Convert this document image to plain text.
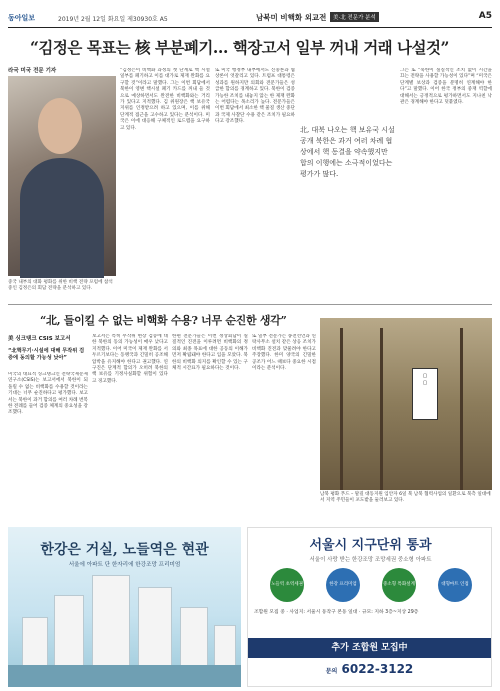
동아일보	2019년 2월 12일 화요일 제30930호 A5	남북미 비핵화 외교전	美·北 전문가 분석	A5
“김정은 목표는 核 부분폐기… 핵장고서 일부 꺼내 거래 나설것”
라국 미국 전문 기자
중국 내부의 대화 평화를 위한 비핵 전략 포럼에 참석 중인 김정은의 회담 전략을 분석하고 있다.
“김정은이 비핵화 과정의 첫 단계로 핵 시설 일부를 폐기하고 이를 대가로 제재 완화를 요구할 것”이라고 말했다. 그는 이번 회담에서 북한이 영변 핵시설 폐기 카드를 꺼내 들 것으로 예상하면서도 완전한 비핵화와는 거리가 있다고 지적했다. 김 위원장은 핵 보유국 지위를 인정받으려 하고 있으며, 이를 위해 단계적 접근을 고수하고 있다는 분석이다. 미국은 이에 대응해 구체적인 로드맵을 요구하고 있다.
또 미국 행정부 내부에서도 신중론과 협상론이 엇갈리고 있다. 트럼프 대통령은 성과를 원하지만 의회와 전문가들은 성급한 합의를 경계하고 있다. 북한이 검증 가능한 조치를 내놓지 않는 한 제재 완화는 어렵다는 목소리가 높다. 전문가들은 이번 회담에서 최소한 핵 물질 생산 중단과 국제 사찰단 수용 같은 조치가 필요하다고 강조했다.
北, 대북 나오는 핵 보유국 시설 공개 북한은 과거 여러 차례 협상에서 핵 동결을 약속했지만 합의 이행에는 소극적이었다는 평가가 많다.
그는 또 “북한이 실질적인 조치 없이 시간을 끄는 전략을 사용할 가능성이 있다”며 “미국은 단계별 보상과 검증을 분명히 연계해야 한다”고 말했다. 이어 한국 정부의 중재 역할에 대해서는 긍정적으로 평가하면서도 지나친 낙관은 경계해야 한다고 덧붙였다.
“北, 들이킬 수 없는 비핵화 수용? 너무 순진한 생각”
美 싱크탱크 CSIS 보고서
“北핵무기·시설에 대해 무작위 검증에 동의할 가능성 낮아”
미국의 대표적 싱크탱크인 전략국제문제연구소(CSIS)는 보고서에서 북한이 되돌릴 수 없는 비핵화를 수용할 것이라는 기대는 너무 순진하다고 평가했다. 보고서는 북한이 과거 합의를 여러 차례 번복한 전례를 들어 검증 체계의 중요성을 강조했다.
보고서는 특히 무작위 현장 검증에 대한 북한의 동의 가능성이 매우 낮다고 지적했다. 이어 미국이 제재 완화를 서두르기보다는 동맹국과 긴밀히 공조해 압박을 유지해야 한다고 권고했다. 연구진은 단계적 합의가 오히려 북한의 핵 보유를 기정사실화할 위험이 있다고 경고했다.
한편 전문가들은 이번 정상회담이 실질적인 진전을 이루려면 비핵화의 정의와 최종 목표에 대한 공동의 이해가 먼저 확립돼야 한다고 입을 모았다. 북한의 비핵화 의지를 확인할 수 있는 구체적 시간표가 필요하다는 것이다.
또 일부 전문가는 종전선언과 연락사무소 설치 같은 상응 조치가 비핵화 진전과 맞물려야 한다고 주장했다. 한미 양국의 긴밀한 공조가 어느 때보다 중요한 시점이라는 분석이다.
▢
▢
남북 평화 푸드 – 말길 대동지원 입안자 6일 북 남북 협력사업의 일환으로 북측 일대에서 지역 주민들이 포도밭을 둘러보고 있다.
한강은 거실, 노들역은 현관
서울에 아파트 단 한자리에 한강조망 프리미엄
서울시 지구단위 통과
서울이 사랑 받는 한강조망 조망세권 중소형 아파트
노들역 초역세권	한강 프리미엄	중소형 특화설계	대형마트 인접
조합원 모집 중 · 사업지: 서울시 동작구 본동 일대 · 규모: 지하 3층~지상 29층
추가 조합원 모집中
문의 6022-3122
